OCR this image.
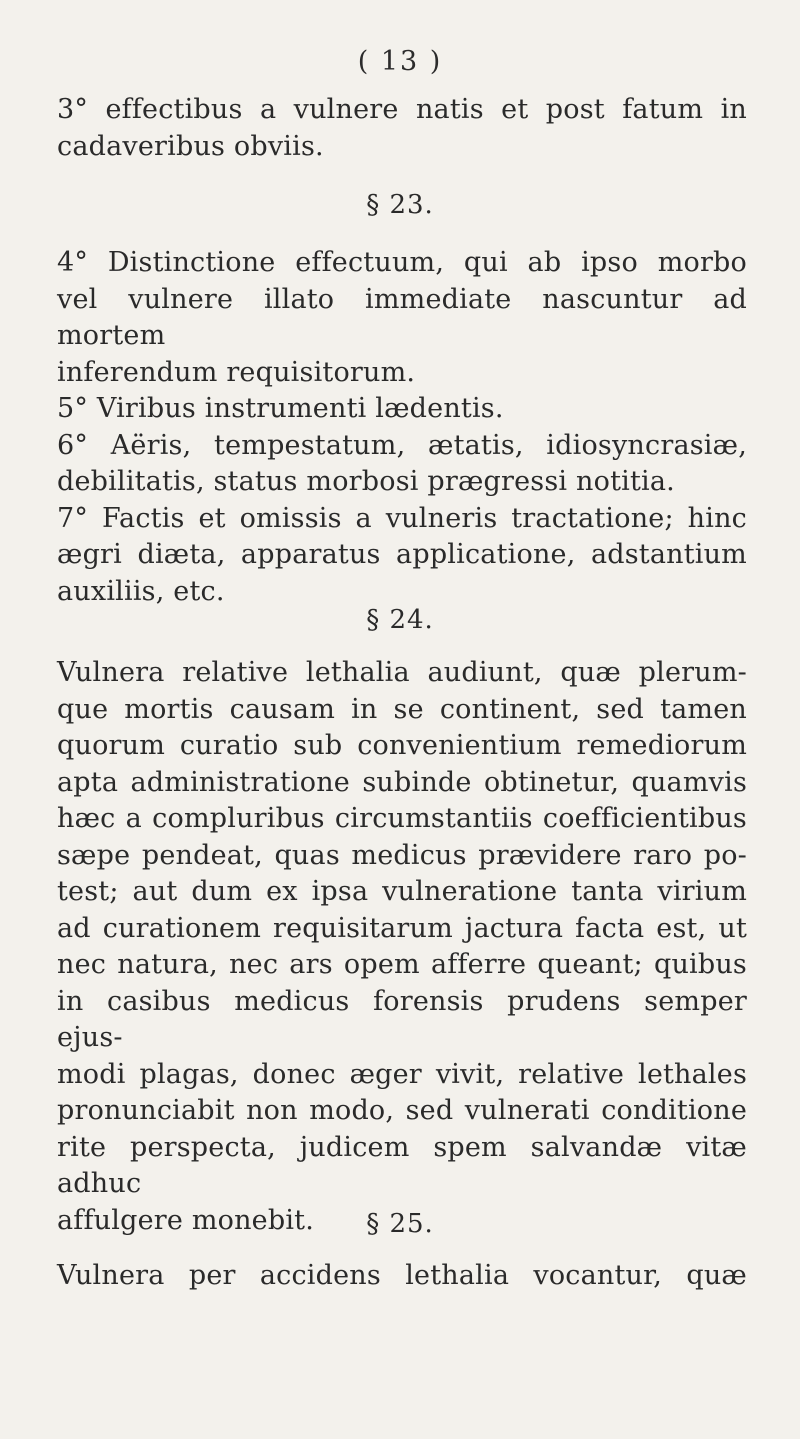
( 13 )
3° effectibus a vulnere natis et post fatum in
cadaveribus obviis.
§ 23.
4° Distinctione effectuum, qui ab ipso morbo
vel vulnere illato immediate nascuntur ad mortem
inferendum requisitorum.
5° Viribus instrumenti lædentis.
6° Aëris, tempestatum, ætatis, idiosyncrasiæ,
debilitatis, status morbosi prægressi notitia.
7° Factis et omissis a vulneris tractatione; hinc
ægri diæta, apparatus applicatione, adstantium
auxiliis, etc.
§ 24.
Vulnera relative lethalia audiunt, quæ plerum-
que mortis causam in se continent, sed tamen
quorum curatio sub convenientium remediorum
apta administratione subinde obtinetur, quamvis
hæc a compluribus circumstantiis coefficientibus
sæpe pendeat, quas medicus prævidere raro po-
test; aut dum ex ipsa vulneratione tanta virium
ad curationem requisitarum jactura facta est, ut
nec natura, nec ars opem afferre queant; quibus
in casibus medicus forensis prudens semper ejus-
modi plagas, donec æger vivit, relative lethales
pronunciabit non modo, sed vulnerati conditione
rite perspecta, judicem spem salvandæ vitæ adhuc
affulgere monebit.	§ 25.
Vulnera per accidens lethalia vocantur, quæ
